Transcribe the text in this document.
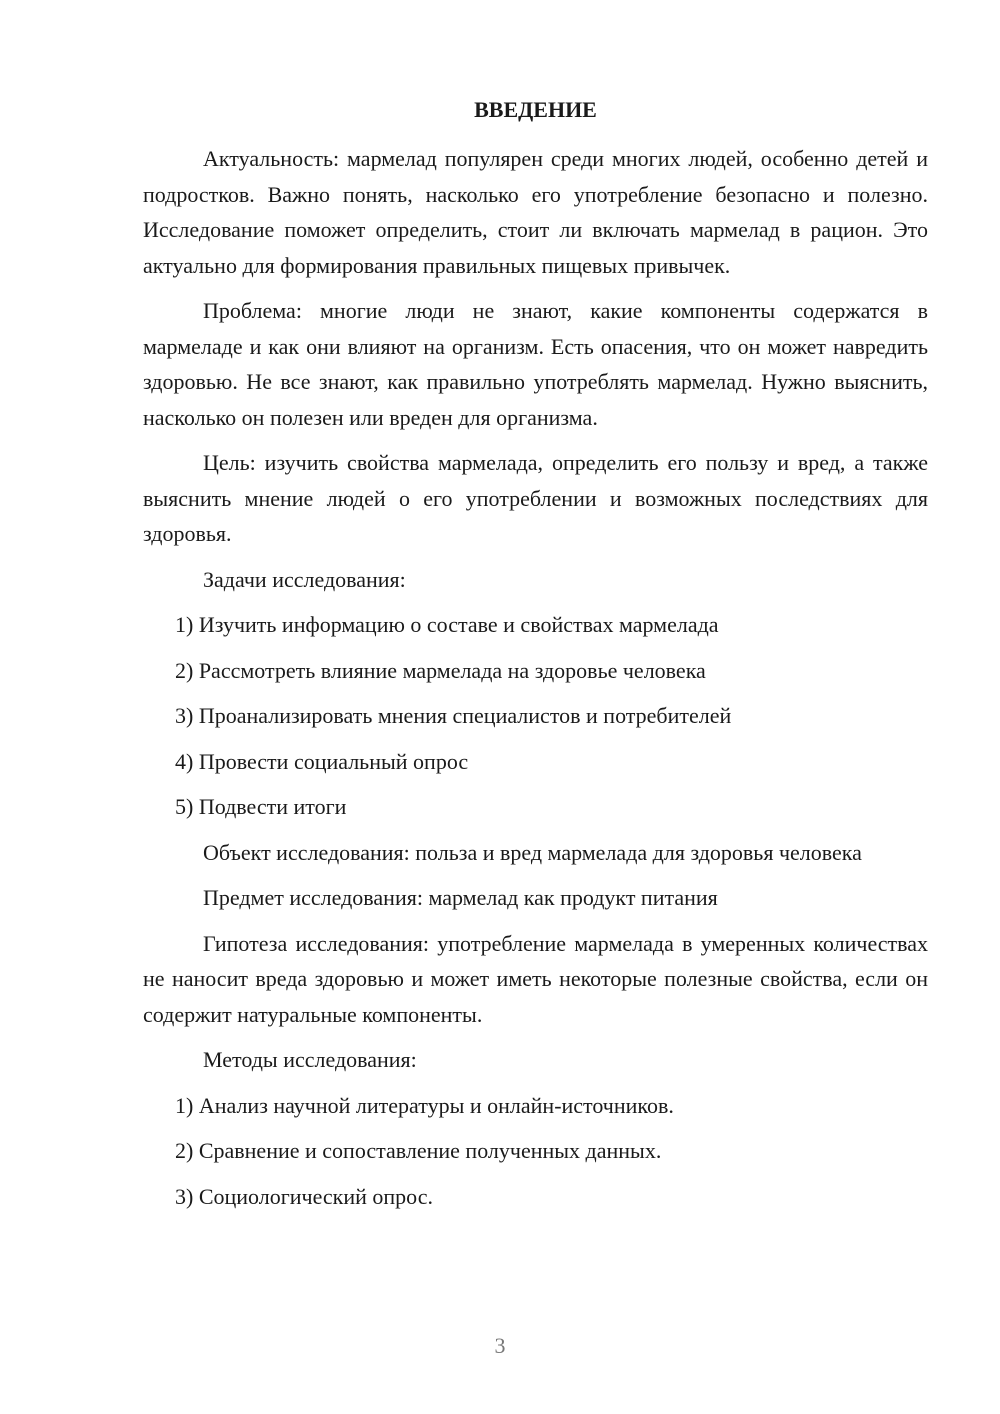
ВВЕДЕНИЕ

Актуальность: мармелад популярен среди многих людей, особенно детей и подростков. Важно понять, насколько его употребление безопасно и полезно. Исследование поможет определить, стоит ли включать мармелад в рацион. Это актуально для формирования правильных пищевых привычек.

Проблема: многие люди не знают, какие компоненты содержатся в мармеладе и как они влияют на организм. Есть опасения, что он может навредить здоровью. Не все знают, как правильно употреблять мармелад. Нужно выяснить, насколько он полезен или вреден для организма.

Цель: изучить свойства мармелада, определить его пользу и вред, а также выяснить мнение людей о его употреблении и возможных последствиях для здоровья.

Задачи исследования:
1) Изучить информацию о составе и свойствах мармелада
2) Рассмотреть влияние мармелада на здоровье человека
3) Проанализировать мнения специалистов и потребителей
4) Провести социальный опрос
5) Подвести итоги

Объект исследования: польза и вред мармелада для здоровья человека

Предмет исследования: мармелад как продукт питания

Гипотеза исследования: употребление мармелада в умеренных количествах не наносит вреда здоровью и может иметь некоторые полезные свойства, если он содержит натуральные компоненты.

Методы исследования:
1) Анализ научной литературы и онлайн-источников.
2) Сравнение и сопоставление полученных данных.
3) Социологический опрос.
3
